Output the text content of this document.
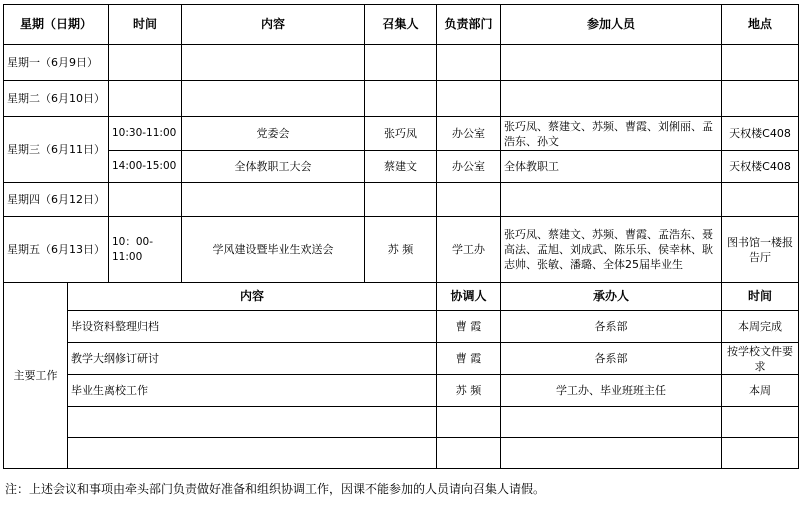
星期（日期）		时间	内容	召集人	负责部门	参加人员	地点
星期一（6月9日）							
星期二（6月10日）							
星期三（6月11日）		10:30-11:00	党委会	张巧凤	办公室	张巧凤、蔡建文、苏频、曹霞、刘俐丽、孟浩东、孙文	天权楼C408
		14:00-15:00	全体教职工大会	蔡建文	办公室	全体教职工	天权楼C408
星期四（6月12日）							
星期五（6月13日）		10：00-11:00	学风建设暨毕业生欢送会	苏 频	学工办	张巧凤、蔡建文、苏频、曹霞、孟浩东、聂高法、孟旭、刘成武、陈乐乐、侯幸林、耿志帅、张敏、潘璐、全体25届毕业生	图书馆一楼报告厅
主要工作	内容				协调人	承办人	时间
	毕设资料整理归档				曹 霞	各系部	本周完成
	教学大纲修订研讨				曹 霞	各系部	按学校文件要求
	毕业生离校工作				苏 频	学工办、毕业班班主任	本周

注：上述会议和事项由牵头部门负责做好准备和组织协调工作，因课不能参加的人员请向召集人请假。
